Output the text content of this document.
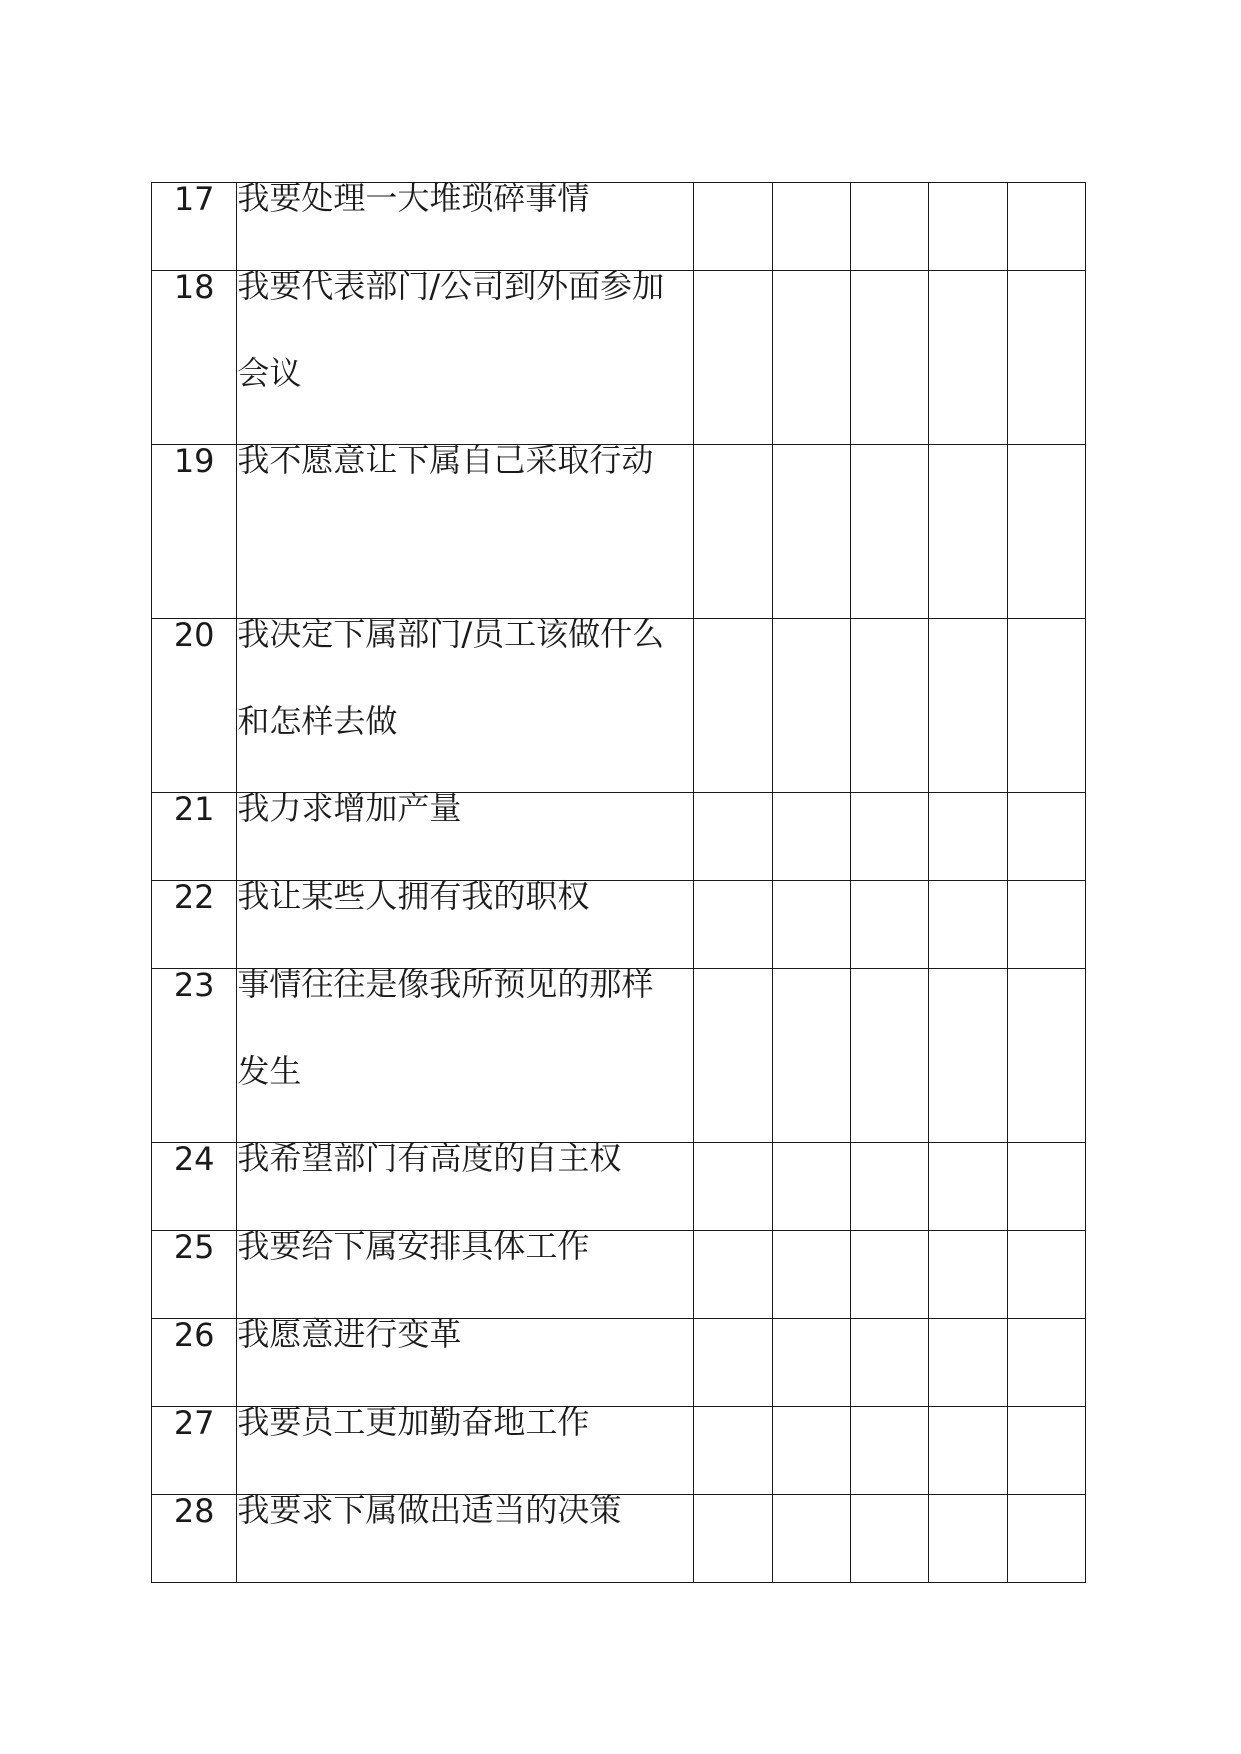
17	我要处理一大堆琐碎事情					

18	我要代表部门/公司到外面参加会议					

19	我不愿意让下属自己采取行动					

20	我决定下属部门/员工该做什么和怎样去做					

21	我力求增加产量					

22	我让某些人拥有我的职权					

23	事情往往是像我所预见的那样发生					

24	我希望部门有高度的自主权					

25	我要给下属安排具体工作					

26	我愿意进行变革					

27	我要员工更加勤奋地工作					

28	我要求下属做出适当的决策					
